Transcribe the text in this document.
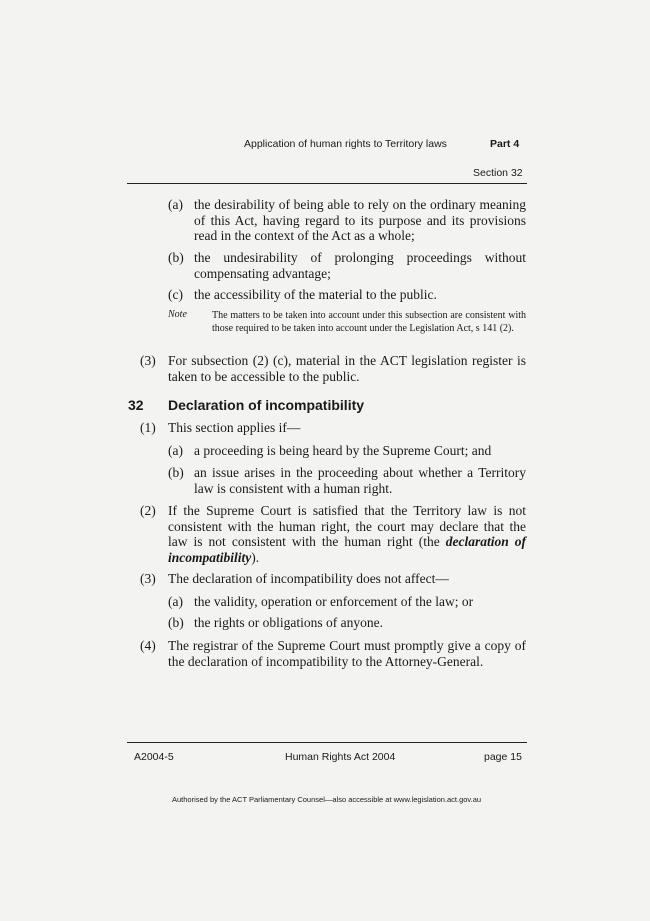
Application of human rights to Territory laws	Part 4
Section 32
(a) the desirability of being able to rely on the ordinary meaning of this Act, having regard to its purpose and its provisions read in the context of the Act as a whole;
(b) the undesirability of prolonging proceedings without compensating advantage;
(c) the accessibility of the material to the public.
Note	The matters to be taken into account under this subsection are consistent with those required to be taken into account under the Legislation Act, s 141 (2).
(3) For subsection (2) (c), material in the ACT legislation register is taken to be accessible to the public.
32 Declaration of incompatibility
(1) This section applies if—
(a) a proceeding is being heard by the Supreme Court; and
(b) an issue arises in the proceeding about whether a Territory law is consistent with a human right.
(2) If the Supreme Court is satisfied that the Territory law is not consistent with the human right, the court may declare that the law is not consistent with the human right (the declaration of incompatibility).
(3) The declaration of incompatibility does not affect—
(a) the validity, operation or enforcement of the law; or
(b) the rights or obligations of anyone.
(4) The registrar of the Supreme Court must promptly give a copy of the declaration of incompatibility to the Attorney-General.
A2004-5	Human Rights Act 2004	page 15
Authorised by the ACT Parliamentary Counsel—also accessible at www.legislation.act.gov.au
